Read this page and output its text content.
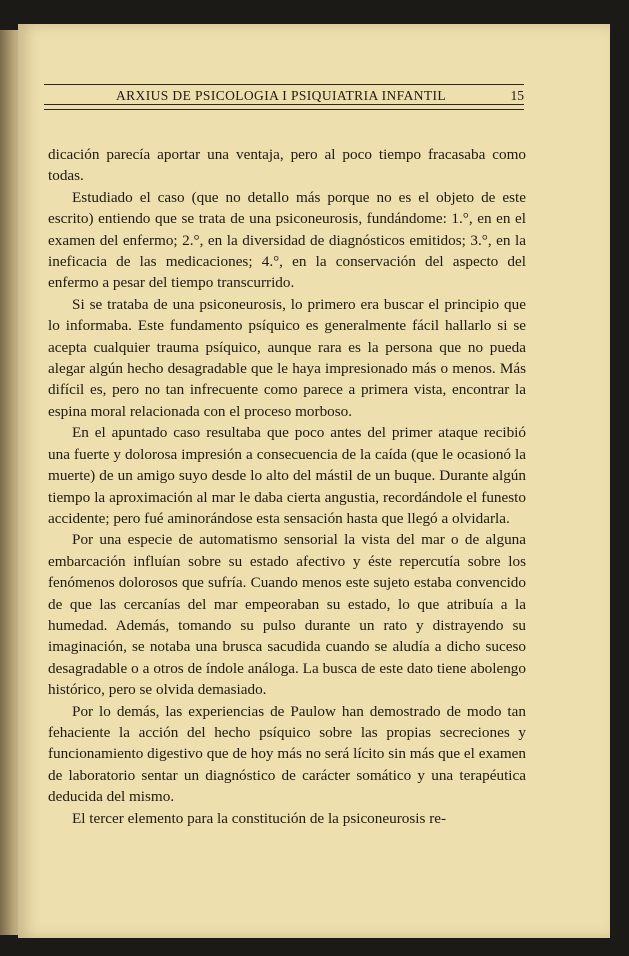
ARXIUS DE PSICOLOGIA I PSIQUIATRIA INFANTIL	15

dicación parecía aportar una ventaja, pero al poco tiempo fracasaba como todas.

Estudiado el caso (que no detallo más porque no es el objeto de este escrito) entiendo que se trata de una psiconeurosis, fundándome: 1.°, en en el examen del enfermo; 2.°, en la diversidad de diagnósticos emitidos; 3.°, en la ineficacia de las medicaciones; 4.°, en la conservación del aspecto del enfermo a pesar del tiempo transcurrido.

Si se trataba de una psiconeurosis, lo primero era buscar el principio que lo informaba. Este fundamento psíquico es generalmente fácil hallarlo si se acepta cualquier trauma psíquico, aunque rara es la persona que no pueda alegar algún hecho desagradable que le haya impresionado más o menos. Más difícil es, pero no tan infrecuente como parece a primera vista, encontrar la espina moral relacionada con el proceso morboso.

En el apuntado caso resultaba que poco antes del primer ataque recibió una fuerte y dolorosa impresión a consecuencia de la caída (que le ocasionó la muerte) de un amigo suyo desde lo alto del mástil de un buque. Durante algún tiempo la aproximación al mar le daba cierta angustia, recordándole el funesto accidente; pero fué aminorándose esta sensación hasta que llegó a olvidarla.

Por una especie de automatismo sensorial la vista del mar o de alguna embarcación influían sobre su estado afectivo y éste repercutía sobre los fenómenos dolorosos que sufría. Cuando menos este sujeto estaba convencido de que las cercanías del mar empeoraban su estado, lo que atribuía a la humedad. Además, tomando su pulso durante un rato y distrayendo su imaginación, se notaba una brusca sacudida cuando se aludía a dicho suceso desagradable o a otros de índole análoga. La busca de este dato tiene abolengo histórico, pero se olvida demasiado.

Por lo demás, las experiencias de Paulow han demostrado de modo tan fehaciente la acción del hecho psíquico sobre las propias secreciones y funcionamiento digestivo que de hoy más no será lícito sin más que el examen de laboratorio sentar un diagnóstico de carácter somático y una terapéutica deducida del mismo.

El tercer elemento para la constitución de la psiconeurosis re-
